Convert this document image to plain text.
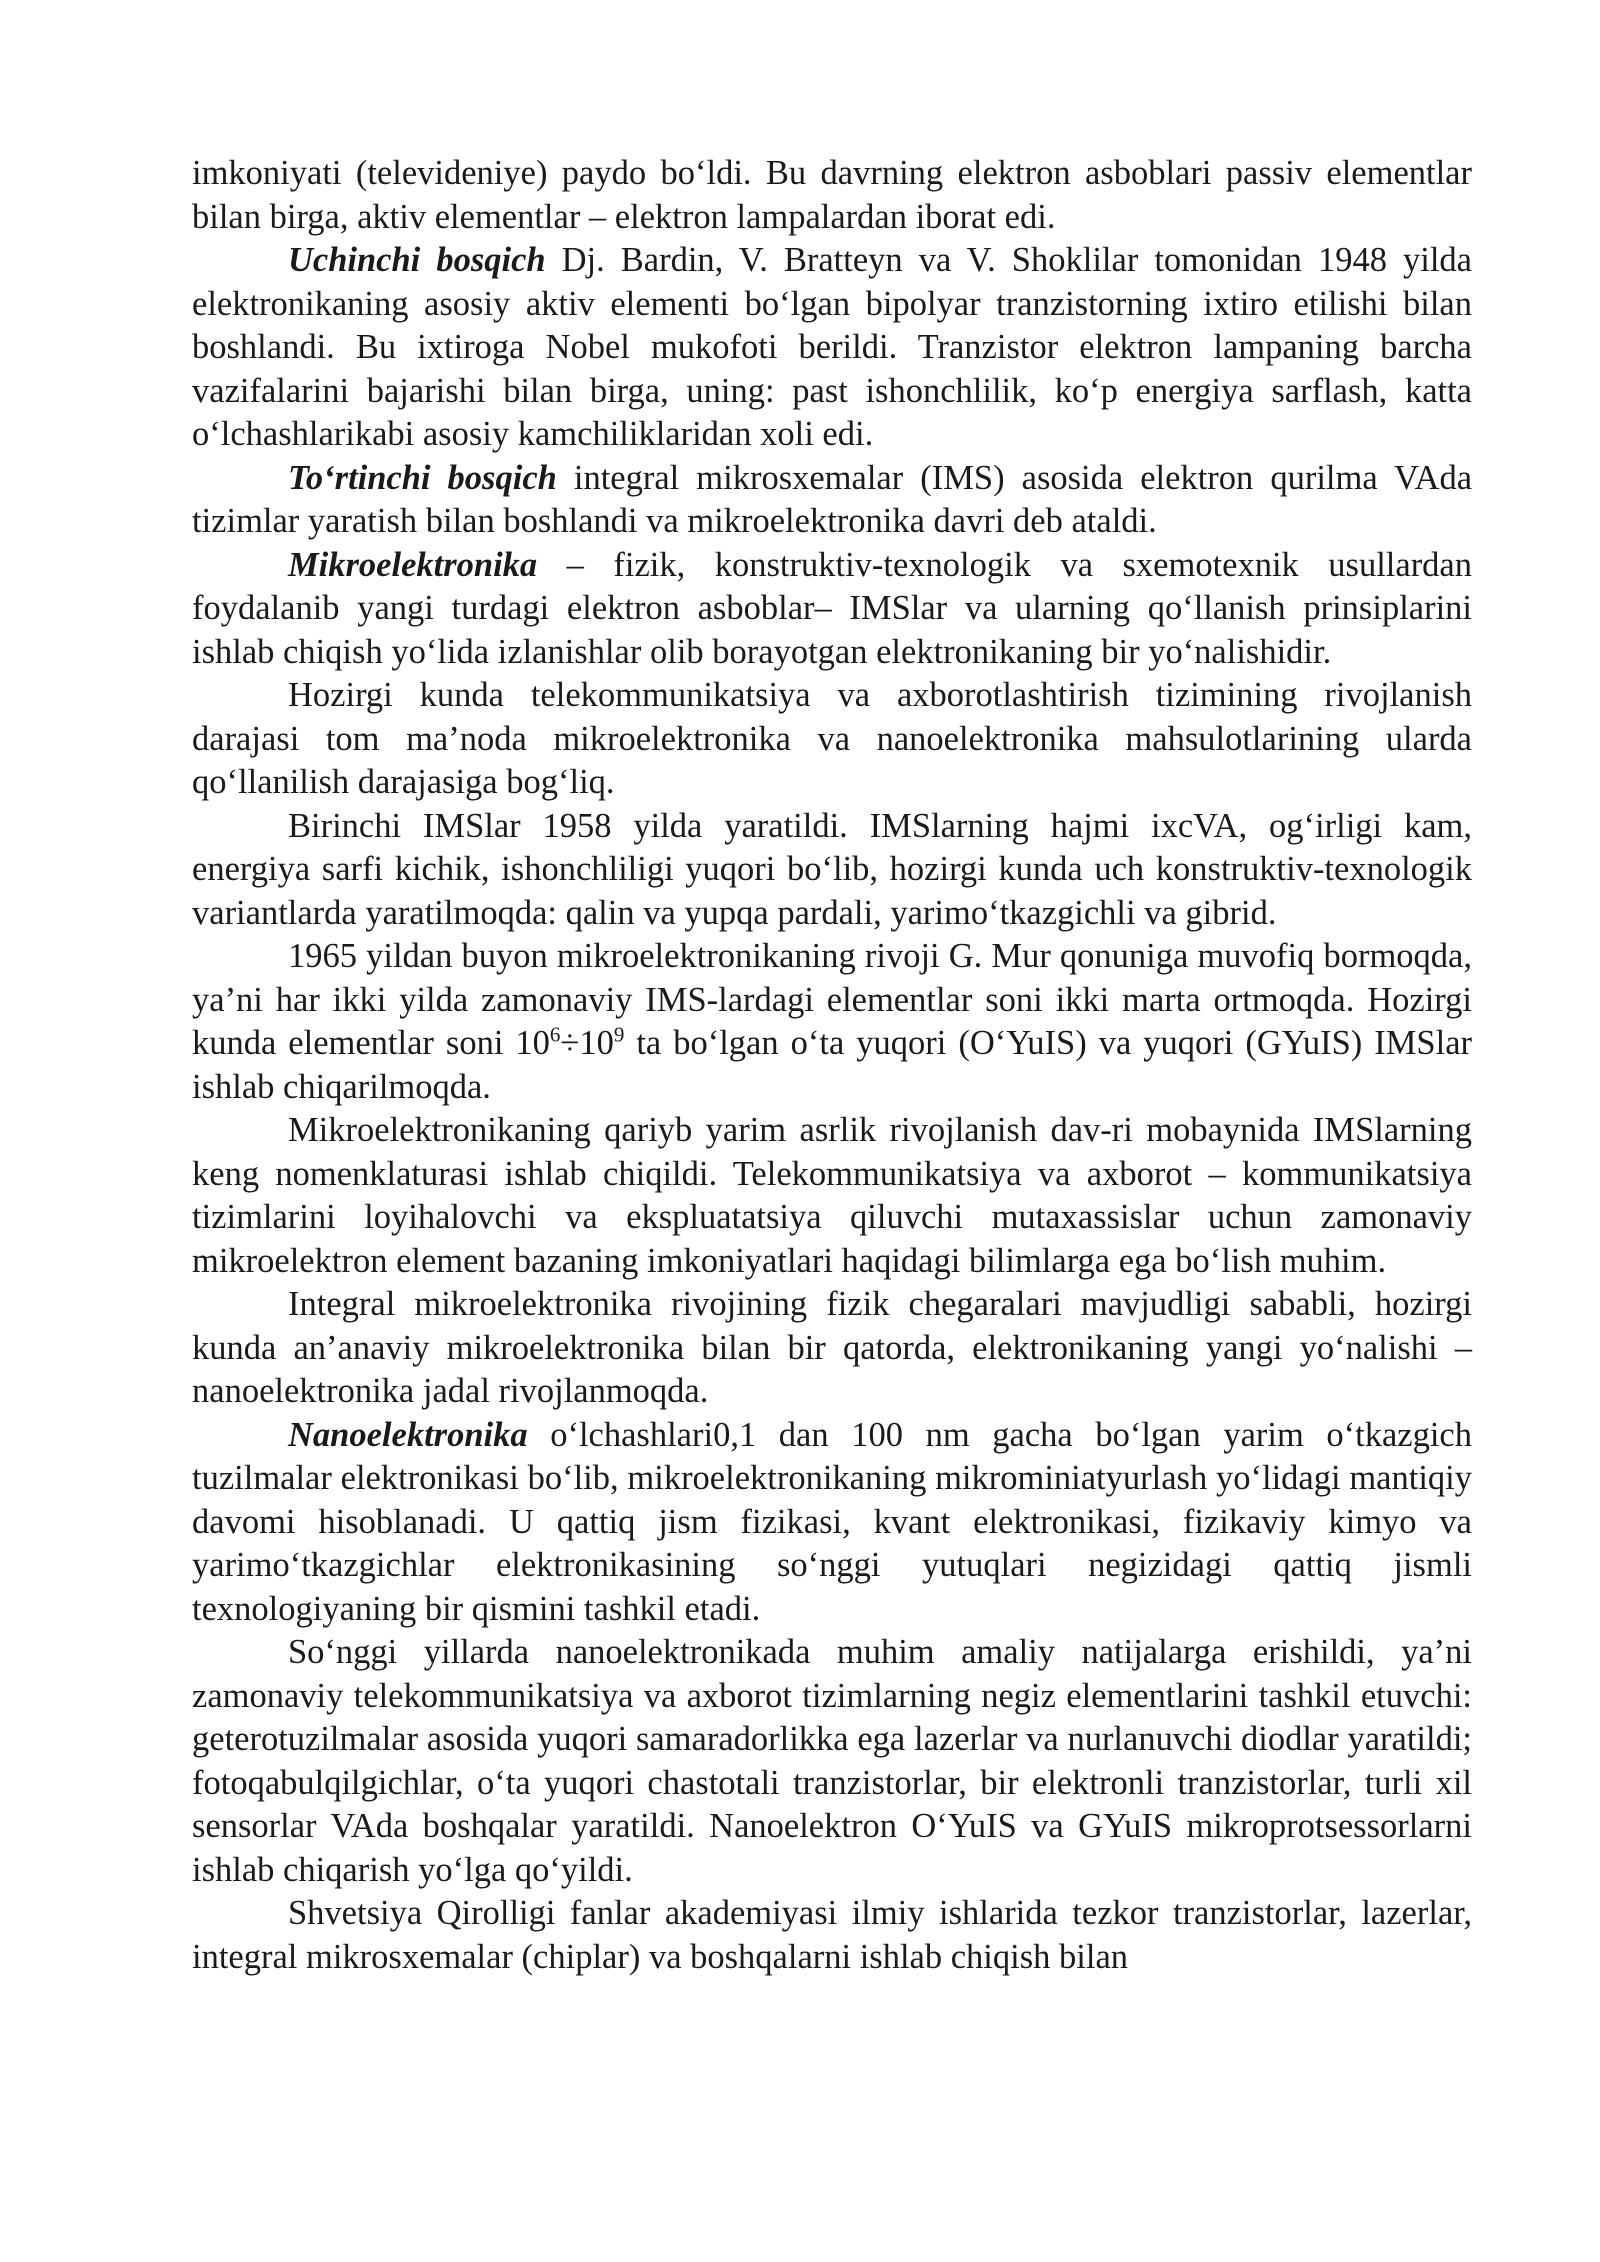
imkoniyati (televideniye) paydo bo‘ldi. Bu davrning elektron asboblari passiv elementlar bilan birga, aktiv elementlar – elektron lampalardan iborat edi.

Uchinchi bosqich Dj. Bardin, V. Bratteyn va V. Shoklilar tomonidan 1948 yilda elektronikaning asosiy aktiv elementi bo‘lgan bipolyar tranzistorning ixtiro etilishi bilan boshlandi. Bu ixtiroga Nobel mukofoti berildi. Tranzistor elektron lampaning barcha vazifalarini bajarishi bilan birga, uning: past ishonchlilik, ko‘p energiya sarflash, katta o‘lchashlarikabi asosiy kamchiliklaridan xoli edi.

To‘rtinchi bosqich integral mikrosxemalar (IMS) asosida elektron qurilma VAda tizimlar yaratish bilan boshlandi va mikroelektronika davri deb ataldi.

Mikroelektronika – fizik, konstruktiv-texnologik va sxemotexnik usullardan foydalanib yangi turdagi elektron asboblar– IMSlar va ularning qo‘llanish prinsiplarini ishlab chiqish yo‘lida izlanishlar olib borayotgan elektronikaning bir yo‘nalishidir.

Hozirgi kunda telekommunikatsiya va axborotlashtirish tizimining rivojlanish darajasi tom ma’noda mikroelektronika va nanoelektronika mahsulotlarining ularda qo‘llanilish darajasiga bog‘liq.

Birinchi IMSlar 1958 yilda yaratildi. IMSlarning hajmi ixcVA, og‘irligi kam, energiya sarfi kichik, ishonchliligi yuqori bo‘lib, hozirgi kunda uch konstruktiv-texnologik variantlarda yaratilmoqda: qalin va yupqa pardali, yarimo‘tkazgichli va gibrid.

1965 yildan buyon mikroelektronikaning rivoji G. Mur qonuniga muvofiq bormoqda, ya’ni har ikki yilda zamonaviy IMS-lardagi elementlar soni ikki marta ortmoqda. Hozirgi kunda elementlar soni $10^6\div 10^9$ ta bo‘lgan o‘ta yuqori (O‘YuIS) va yuqori (GYuIS) IMSlar ishlab chiqarilmoqda.

Mikroelektronikaning qariyb yarim asrlik rivojlanish dav-ri mobaynida IMSlarning keng nomenklaturasi ishlab chiqildi. Telekommunikatsiya va axborot – kommunikatsiya tizimlarini loyihalovchi va ekspluatatsiya qiluvchi mutaxassislar uchun zamonaviy mikroelektron element bazaning imkoniyatlari haqidagi bilimlarga ega bo‘lish muhim.

Integral mikroelektronika rivojining fizik chegaralari mavjudligi sababli, hozirgi kunda an’anaviy mikroelektronika bilan bir qatorda, elektronikaning yangi yo‘nalishi – nanoelektronika jadal rivojlanmoqda.

Nanoelektronika o‘lchashlari0,1 dan 100 nm gacha bo‘lgan yarim o‘tkazgich tuzilmalar elektronikasi bo‘lib, mikroelektronikaning mikrominiatyurlash yo‘lidagi mantiqiy davomi hisoblanadi. U qattiq jism fizikasi, kvant elektronikasi, fizikaviy kimyo va yarimo‘tkazgichlar elektronikasining so‘nggi yutuqlari negizidagi qattiq jismli texnologiyaning bir qismini tashkil etadi.

So‘nggi yillarda nanoelektronikada muhim amaliy natijalarga erishildi, ya’ni zamonaviy telekommunikatsiya va axborot tizimlarning negiz elementlarini tashkil etuvchi: geterotuzilmalar asosida yuqori samaradorlikka ega lazerlar va nurlanuvchi diodlar yaratildi; fotoqabulqilgichlar, o‘ta yuqori chastotali tranzistorlar, bir elektronli tranzistorlar, turli xil sensorlar VAda boshqalar yaratildi. Nanoelektron O‘YuIS va GYuIS mikroprotsessorlarni ishlab chiqarish yo‘lga qo‘yildi.

Shvetsiya Qirolligi fanlar akademiyasi ilmiy ishlarida tezkor tranzistorlar, lazerlar, integral mikrosxemalar (chiplar) va boshqalarni ishlab chiqish bilan
